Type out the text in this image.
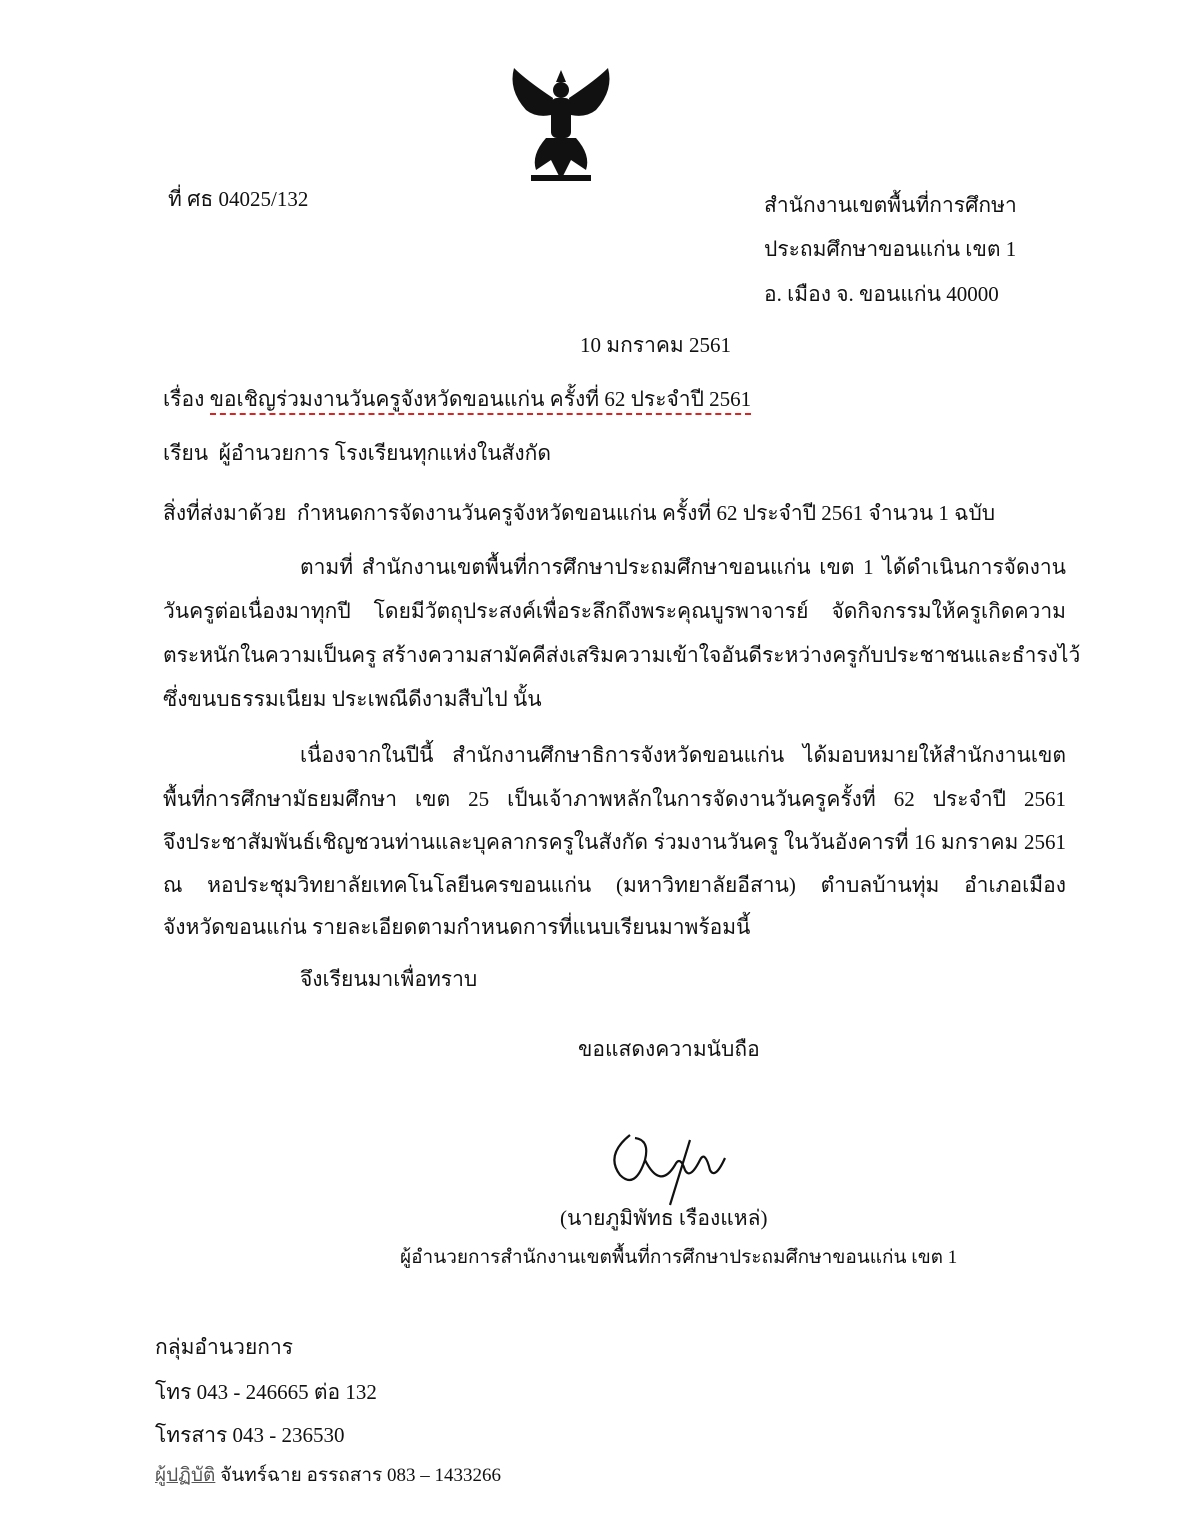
ที่ ศธ 04025/132	สำนักงานเขตพื้นที่การศึกษา
ประถมศึกษาขอนแก่น เขต 1
อ. เมือง จ. ขอนแก่น 40000
10 มกราคม 2561
เรื่อง ขอเชิญร่วมงานวันครูจังหวัดขอนแก่น ครั้งที่ 62 ประจำปี 2561
เรียน ผู้อำนวยการ โรงเรียนทุกแห่งในสังกัด
สิ่งที่ส่งมาด้วย กำหนดการจัดงานวันครูจังหวัดขอนแก่น ครั้งที่ 62 ประจำปี 2561 จำนวน 1 ฉบับ
ตามที่ สำนักงานเขตพื้นที่การศึกษาประถมศึกษาขอนแก่น เขต 1 ได้ดำเนินการจัดงาน
วันครูต่อเนื่องมาทุกปี โดยมีวัตถุประสงค์เพื่อระลึกถึงพระคุณบูรพาจารย์ จัดกิจกรรมให้ครูเกิดความ
ตระหนักในความเป็นครู สร้างความสามัคคีส่งเสริมความเข้าใจอันดีระหว่างครูกับประชาชนและธำรงไว้
ซึ่งขนบธรรมเนียม ประเพณีดีงามสืบไป นั้น
เนื่องจากในปีนี้ สำนักงานศึกษาธิการจังหวัดขอนแก่น ได้มอบหมายให้สำนักงานเขต
พื้นที่การศึกษามัธยมศึกษา เขต 25 เป็นเจ้าภาพหลักในการจัดงานวันครูครั้งที่ 62 ประจำปี 2561
จึงประชาสัมพันธ์เชิญชวนท่านและบุคลากรครูในสังกัด ร่วมงานวันครู ในวันอังคารที่ 16 มกราคม 2561
ณ หอประชุมวิทยาลัยเทคโนโลยีนครขอนแก่น (มหาวิทยาลัยอีสาน) ตำบลบ้านทุ่ม อำเภอเมือง
จังหวัดขอนแก่น รายละเอียดตามกำหนดการที่แนบเรียนมาพร้อมนี้
จึงเรียนมาเพื่อทราบ
ขอแสดงความนับถือ
(นายภูมิพัทธ เรืองแหล่)
ผู้อำนวยการสำนักงานเขตพื้นที่การศึกษาประถมศึกษาขอนแก่น เขต 1
กลุ่มอำนวยการ
โทร 043 - 246665 ต่อ 132
โทรสาร 043 - 236530
ผู้ปฏิบัติ จันทร์ฉาย อรรถสาร 083 – 1433266
